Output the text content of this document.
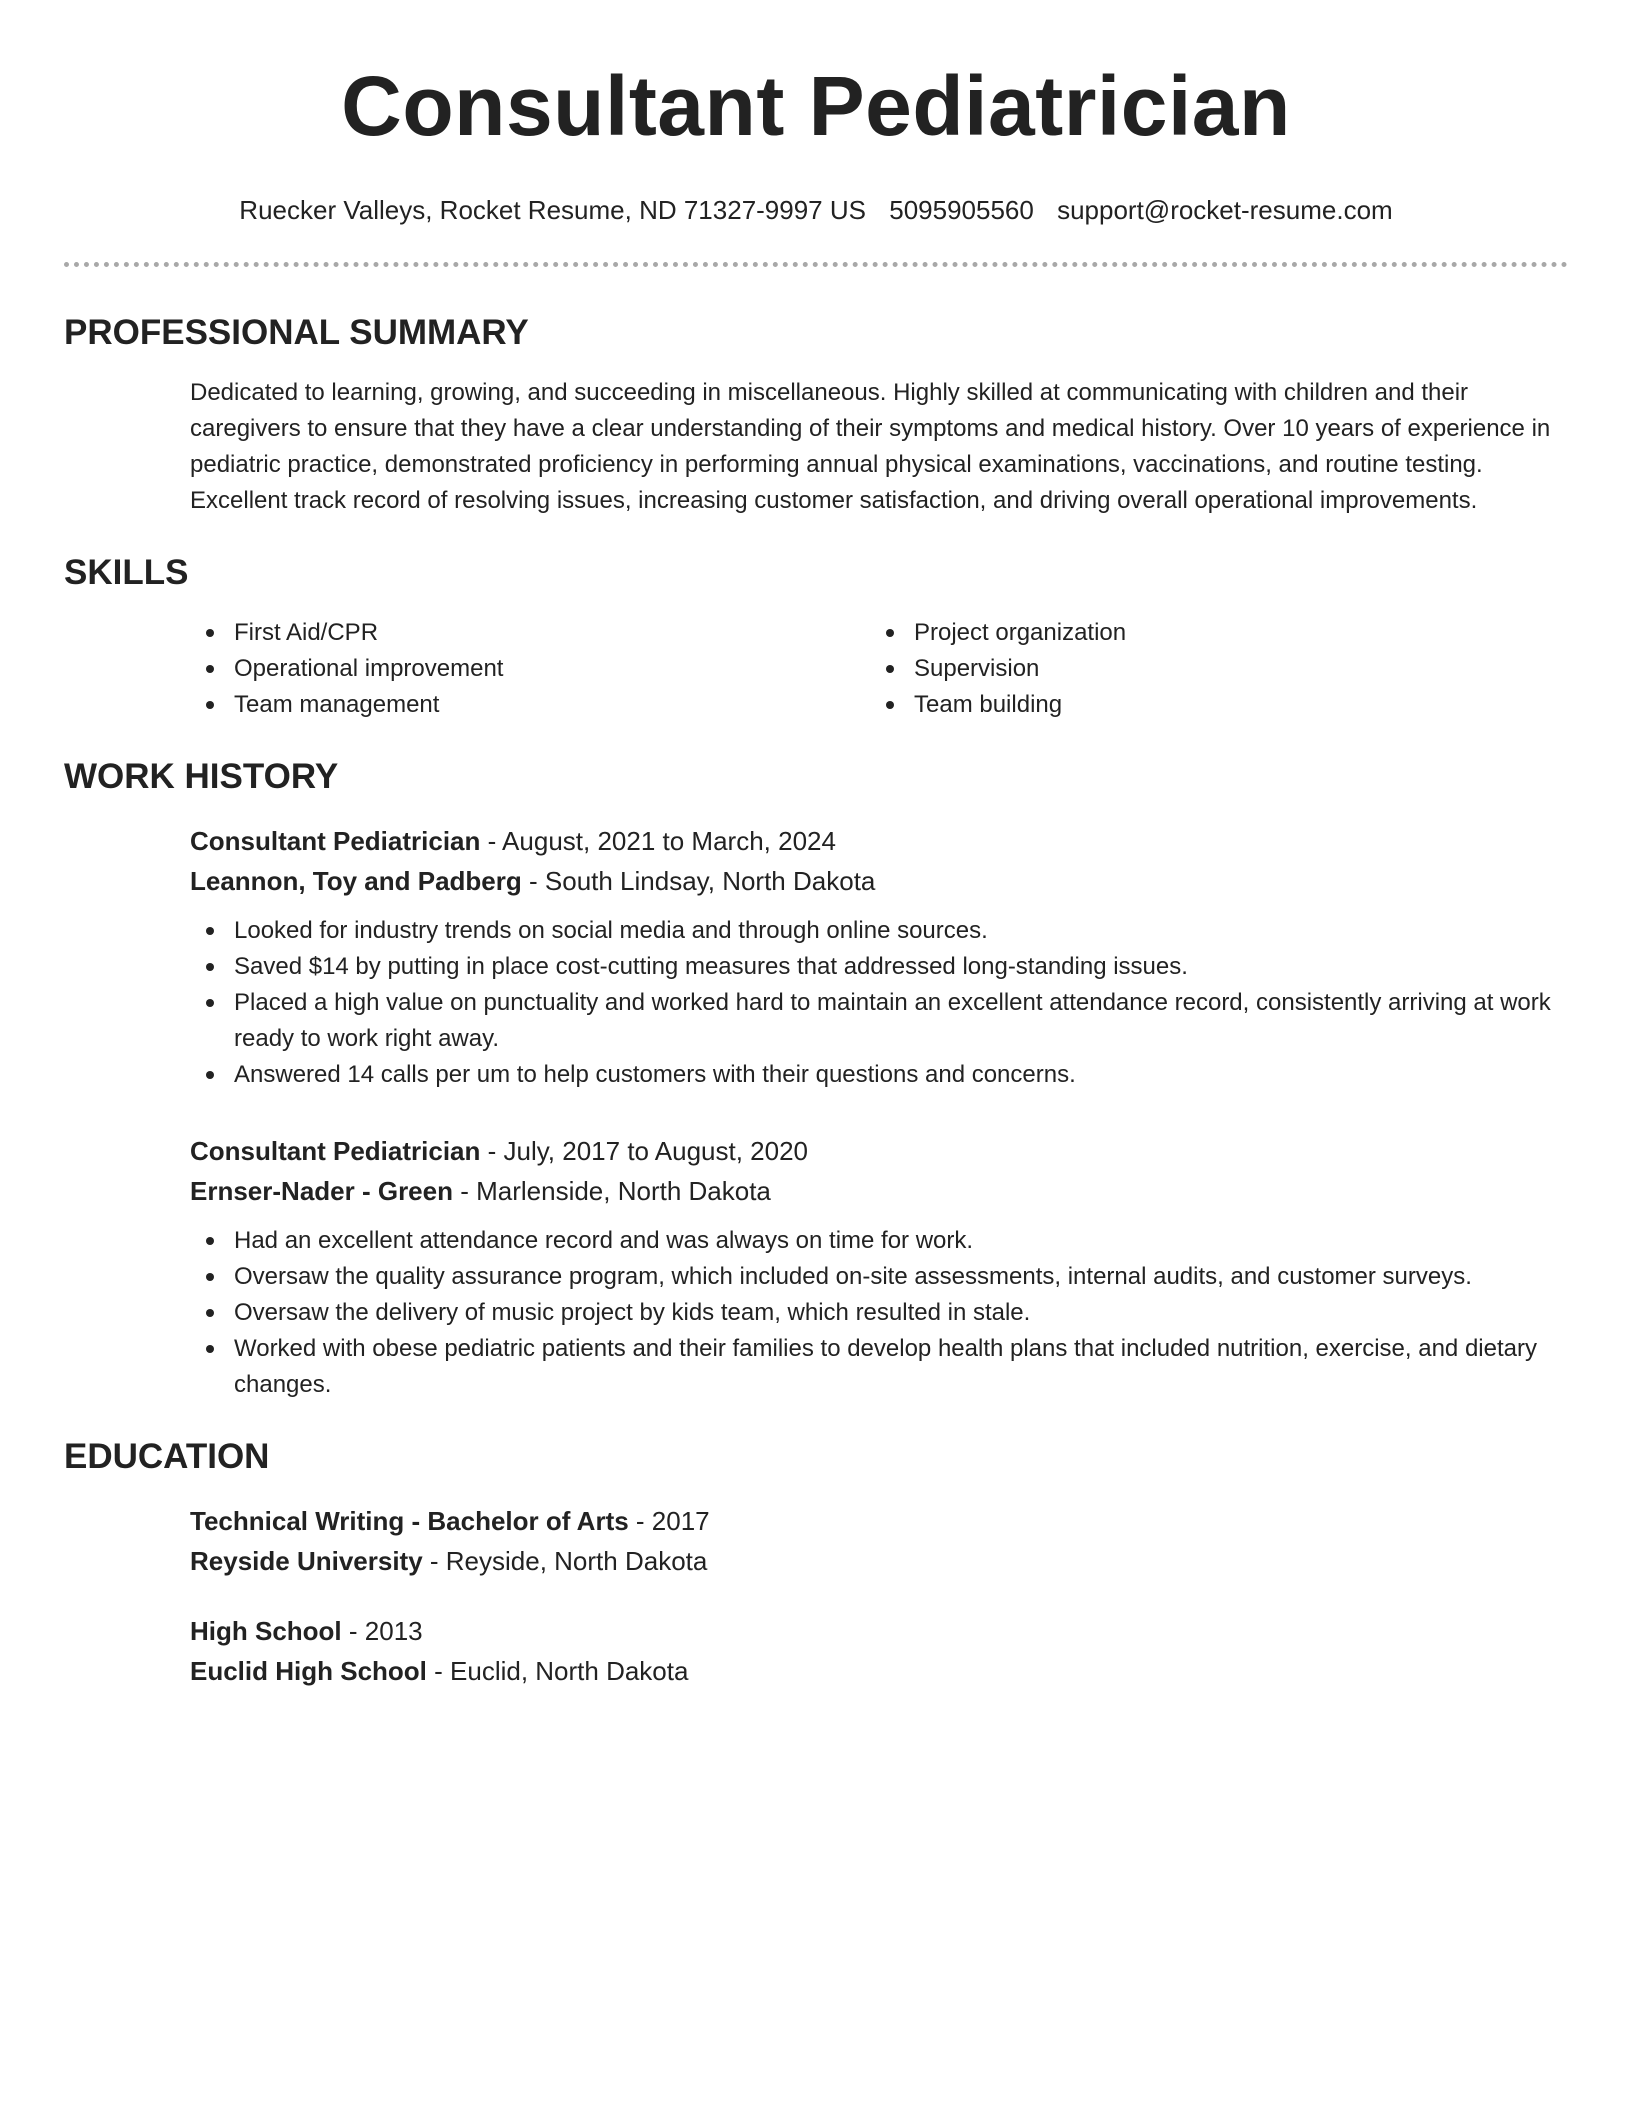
Consultant Pediatrician
Ruecker Valleys, Rocket Resume, ND 71327-9997 US 5095905560 support@rocket-resume.com
PROFESSIONAL SUMMARY

Dedicated to learning, growing, and succeeding in miscellaneous. Highly skilled at communicating with children and their caregivers to ensure that they have a clear understanding of their symptoms and medical history. Over 10 years of experience in pediatric practice, demonstrated proficiency in performing annual physical examinations, vaccinations, and routine testing. Excellent track record of resolving issues, increasing customer satisfaction, and driving overall operational improvements.

SKILLS
First Aid/CPR
Operational improvement
Team management
Project organization
Supervision
Team building
WORK HISTORY
Consultant Pediatrician - August, 2021 to March, 2024
Leannon, Toy and Padberg - South Lindsay, North Dakota
Looked for industry trends on social media and through online sources.
Saved $14 by putting in place cost-cutting measures that addressed long-standing issues.
Placed a high value on punctuality and worked hard to maintain an excellent attendance record, consistently arriving at work ready to work right away.
Answered 14 calls per um to help customers with their questions and concerns.
Consultant Pediatrician - July, 2017 to August, 2020
Ernser-Nader - Green - Marlenside, North Dakota
Had an excellent attendance record and was always on time for work.
Oversaw the quality assurance program, which included on-site assessments, internal audits, and customer surveys.
Oversaw the delivery of music project by kids team, which resulted in stale.
Worked with obese pediatric patients and their families to develop health plans that included nutrition, exercise, and dietary changes.
EDUCATION
Technical Writing - Bachelor of Arts - 2017
Reyside University - Reyside, North Dakota
High School - 2013
Euclid High School - Euclid, North Dakota
